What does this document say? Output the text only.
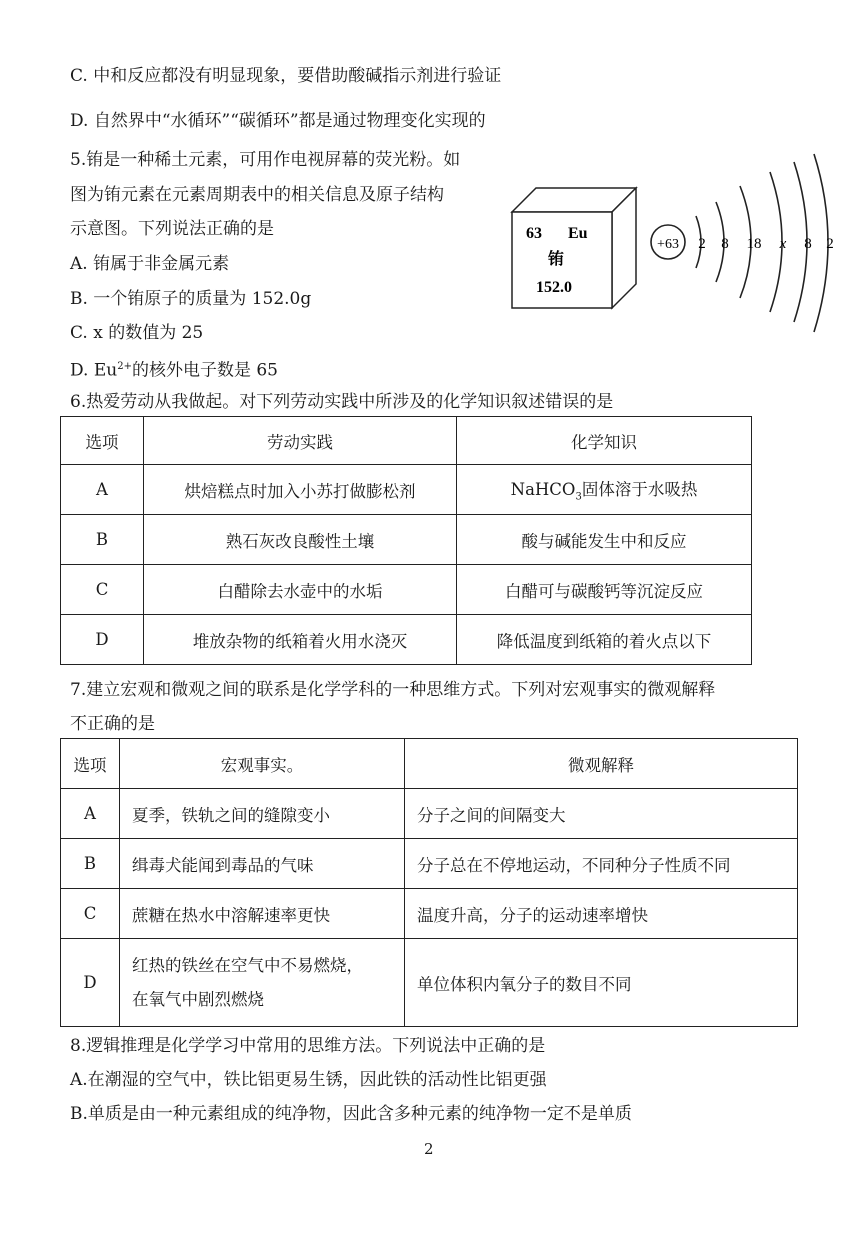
C. 中和反应都没有明显现象，要借助酸碱指示剂进行验证
D. 自然界中“水循环”“碳循环”都是通过物理变化实现的
5.铕是一种稀土元素，可用作电视屏幕的荧光粉。如
图为铕元素在元素周期表中的相关信息及原子结构
示意图。下列说法正确的是
A. 铕属于非金属元素
B. 一个铕原子的质量为 152.0g
C. x 的数值为 25
D. $Eu^{2+}$的核外电子数是 65
63 Eu
铕
152.0
+63 2 8 18 x 8 2
6.热爱劳动从我做起。对下列劳动实践中所涉及的化学知识叙述错误的是
选项	劳动实践	化学知识
A	烘焙糕点时加入小苏打做膨松剂	NaHCO$_3$固体溶于水吸热
B	熟石灰改良酸性土壤	酸与碱能发生中和反应
C	白醋除去水壶中的水垢	白醋可与碳酸钙等沉淀反应
D	堆放杂物的纸箱着火用水浇灭	降低温度到纸箱的着火点以下
7.建立宏观和微观之间的联系是化学学科的一种思维方式。下列对宏观事实的微观解释
不正确的是
选项	宏观事实。	微观解释
A	夏季，铁轨之间的缝隙变小	分子之间的间隔变大
B	缉毒犬能闻到毒品的气味	分子总在不停地运动，不同种分子性质不同
C	蔗糖在热水中溶解速率更快	温度升高，分子的运动速率增快
D	红热的铁丝在空气中不易燃烧，
在氧气中剧烈燃烧	单位体积内氧分子的数目不同
8.逻辑推理是化学学习中常用的思维方法。下列说法中正确的是
A.在潮湿的空气中，铁比铝更易生锈，因此铁的活动性比铝更强
B.单质是由一种元素组成的纯净物，因此含多种元素的纯净物一定不是单质
2
